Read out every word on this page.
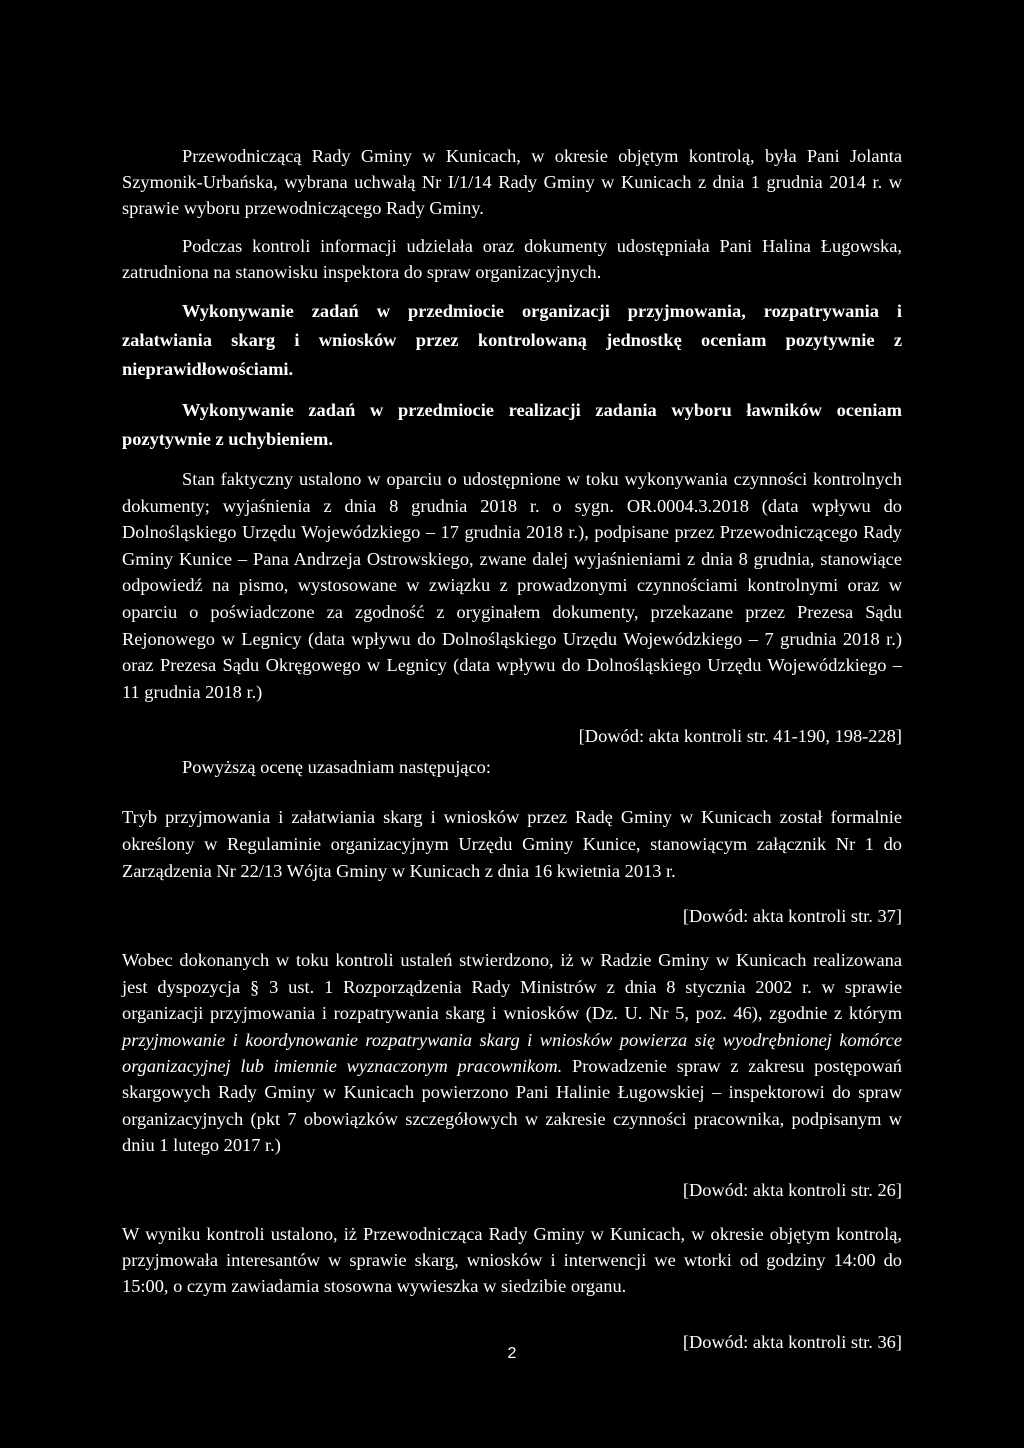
Przewodniczącą Rady Gminy w Kunicach, w okresie objętym kontrolą, była Pani Jolanta Szymonik-Urbańska, wybrana uchwałą Nr I/1/14 Rady Gminy w Kunicach z dnia 1 grudnia 2014 r. w sprawie wyboru przewodniczącego Rady Gminy.

Podczas kontroli informacji udzielała oraz dokumenty udostępniała Pani Halina Ługowska, zatrudniona na stanowisku inspektora do spraw organizacyjnych.

Wykonywanie zadań w przedmiocie organizacji przyjmowania, rozpatrywania i załatwiania skarg i wniosków przez kontrolowaną jednostkę oceniam pozytywnie z nieprawidłowościami.

Wykonywanie zadań w przedmiocie realizacji zadania wyboru ławników oceniam pozytywnie z uchybieniem.

Stan faktyczny ustalono w oparciu o udostępnione w toku wykonywania czynności kontrolnych dokumenty; wyjaśnienia z dnia 8 grudnia 2018 r. o sygn. OR.0004.3.2018 (data wpływu do Dolnośląskiego Urzędu Wojewódzkiego – 17 grudnia 2018 r.), podpisane przez Przewodniczącego Rady Gminy Kunice – Pana Andrzeja Ostrowskiego, zwane dalej wyjaśnieniami z dnia 8 grudnia, stanowiące odpowiedź na pismo, wystosowane w związku z prowadzonymi czynnościami kontrolnymi oraz w oparciu o poświadczone za zgodność z oryginałem dokumenty, przekazane przez Prezesa Sądu Rejonowego w Legnicy (data wpływu do Dolnośląskiego Urzędu Wojewódzkiego – 7 grudnia 2018 r.) oraz Prezesa Sądu Okręgowego w Legnicy (data wpływu do Dolnośląskiego Urzędu Wojewódzkiego – 11 grudnia 2018 r.)

[Dowód: akta kontroli str. 41-190, 198-228]

Powyższą ocenę uzasadniam następująco:

Tryb przyjmowania i załatwiania skarg i wniosków przez Radę Gminy w Kunicach został formalnie określony w Regulaminie organizacyjnym Urzędu Gminy Kunice, stanowiącym załącznik Nr 1 do Zarządzenia Nr 22/13 Wójta Gminy w Kunicach z dnia 16 kwietnia 2013 r.

[Dowód: akta kontroli str. 37]

Wobec dokonanych w toku kontroli ustaleń stwierdzono, iż w Radzie Gminy w Kunicach realizowana jest dyspozycja § 3 ust. 1 Rozporządzenia Rady Ministrów z dnia 8 stycznia 2002 r. w sprawie organizacji przyjmowania i rozpatrywania skarg i wniosków (Dz. U. Nr 5, poz. 46), zgodnie z którym przyjmowanie i koordynowanie rozpatrywania skarg i wniosków powierza się wyodrębnionej komórce organizacyjnej lub imiennie wyznaczonym pracownikom. Prowadzenie spraw z zakresu postępowań skargowych Rady Gminy w Kunicach powierzono Pani Halinie Ługowskiej – inspektorowi do spraw organizacyjnych (pkt 7 obowiązków szczegółowych w zakresie czynności pracownika, podpisanym w dniu 1 lutego 2017 r.)

[Dowód: akta kontroli str. 26]

W wyniku kontroli ustalono, iż Przewodnicząca Rady Gminy w Kunicach, w okresie objętym kontrolą, przyjmowała interesantów w sprawie skarg, wniosków i interwencji we wtorki od godziny 14:00 do 15:00, o czym zawiadamia stosowna wywieszka w siedzibie organu.

[Dowód: akta kontroli str. 36]

2
